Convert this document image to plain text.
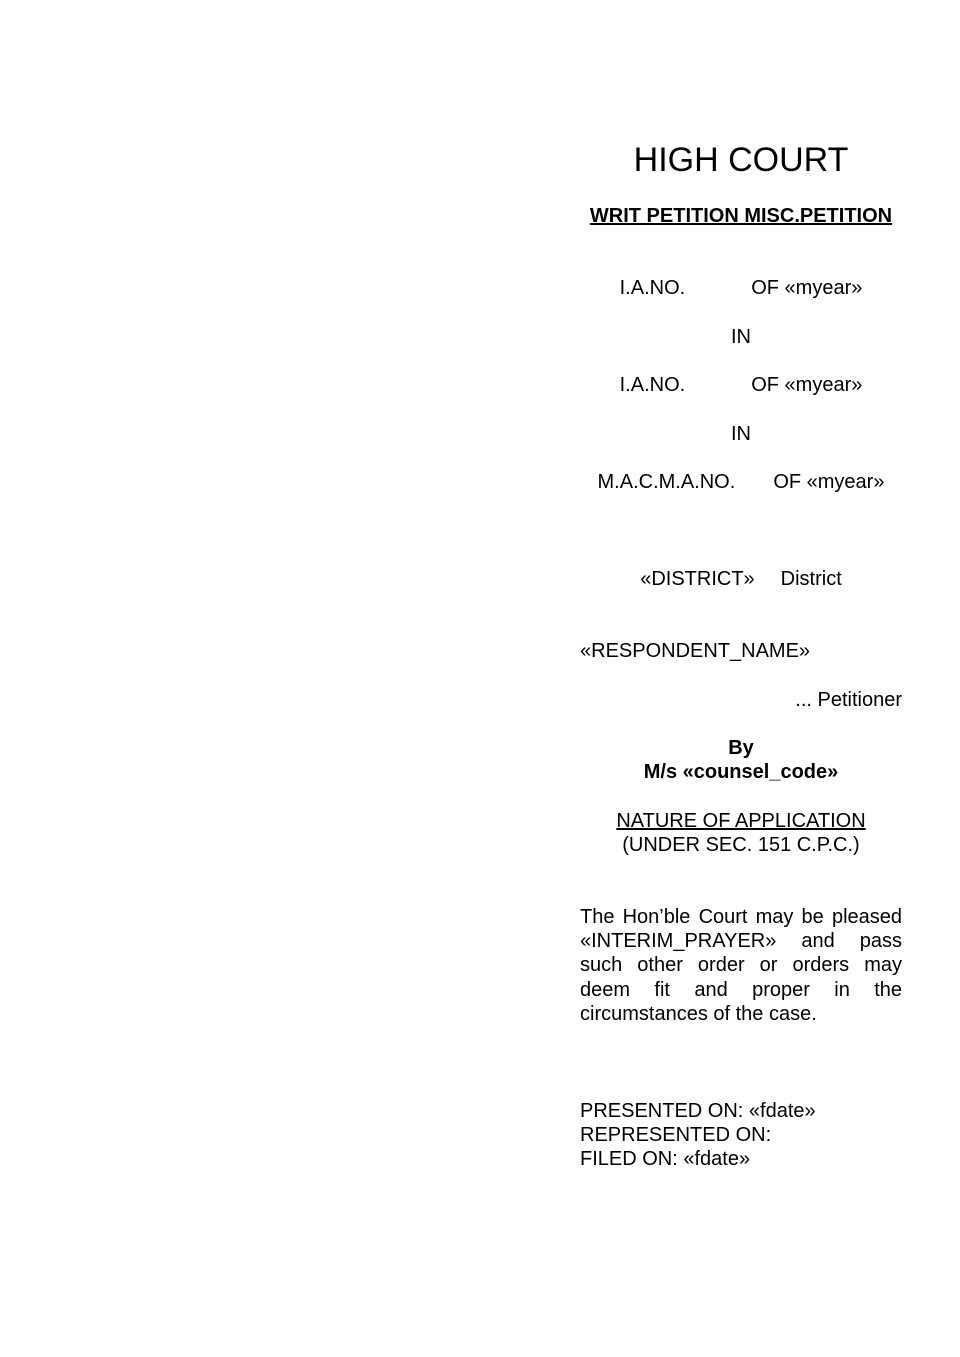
HIGH COURT
WRIT PETITION MISC.PETITION
I.A.NO.	OF «myear»
IN
I.A.NO.	OF «myear»
IN
M.A.C.M.A.NO. OF «myear»
«DISTRICT» District
«RESPONDENT_NAME»
... Petitioner
By
M/s «counsel_code»
NATURE OF APPLICATION
(UNDER SEC. 151 C.P.C.)
The Hon’ble Court may be pleased «INTERIM_PRAYER» and pass such other order or orders may deem fit and proper in the circumstances of the case.
PRESENTED ON: «fdate»
REPRESENTED ON:
FILED ON: «fdate»
